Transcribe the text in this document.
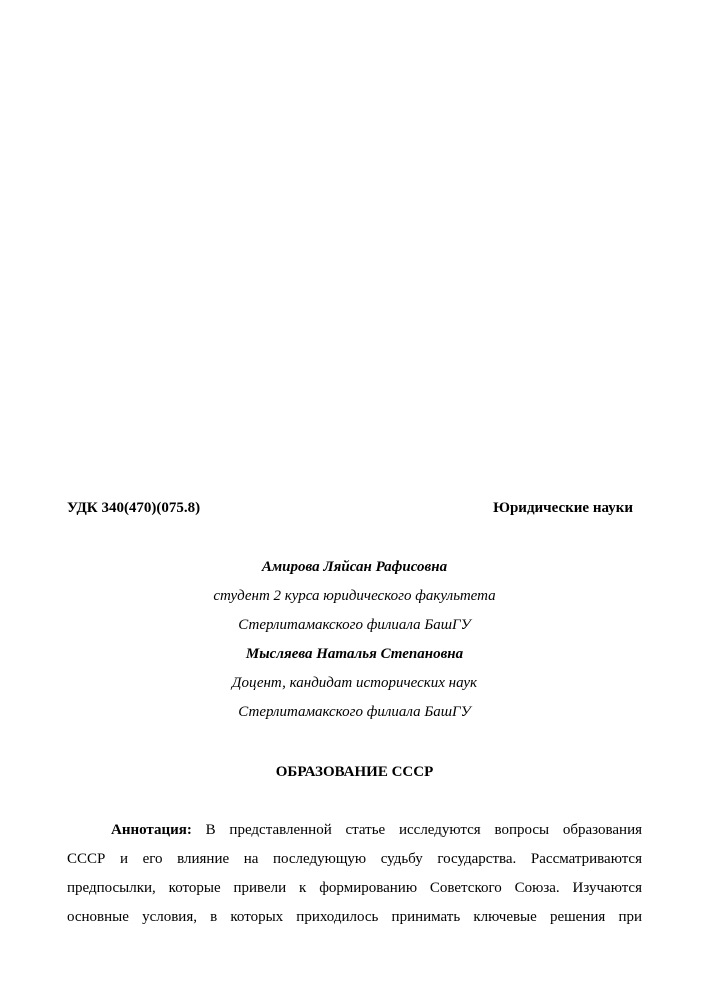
УДК 340(470)(075.8)	Юридические науки
Амирова Ляйсан Рафисовна
студент 2 курса юридического факультета
Стерлитамакского филиала БашГУ
Мысляева Наталья Степановна
Доцент, кандидат исторических наук
Стерлитамакского филиала БашГУ
ОБРАЗОВАНИЕ СССР
Аннотация: В представленной статье исследуются вопросы образования
СССР и его влияние на последующую судьбу государства. Рассматриваются
предпосылки, которые привели к формированию Советского Союза. Изучаются
основные условия, в которых приходилось принимать ключевые решения при
